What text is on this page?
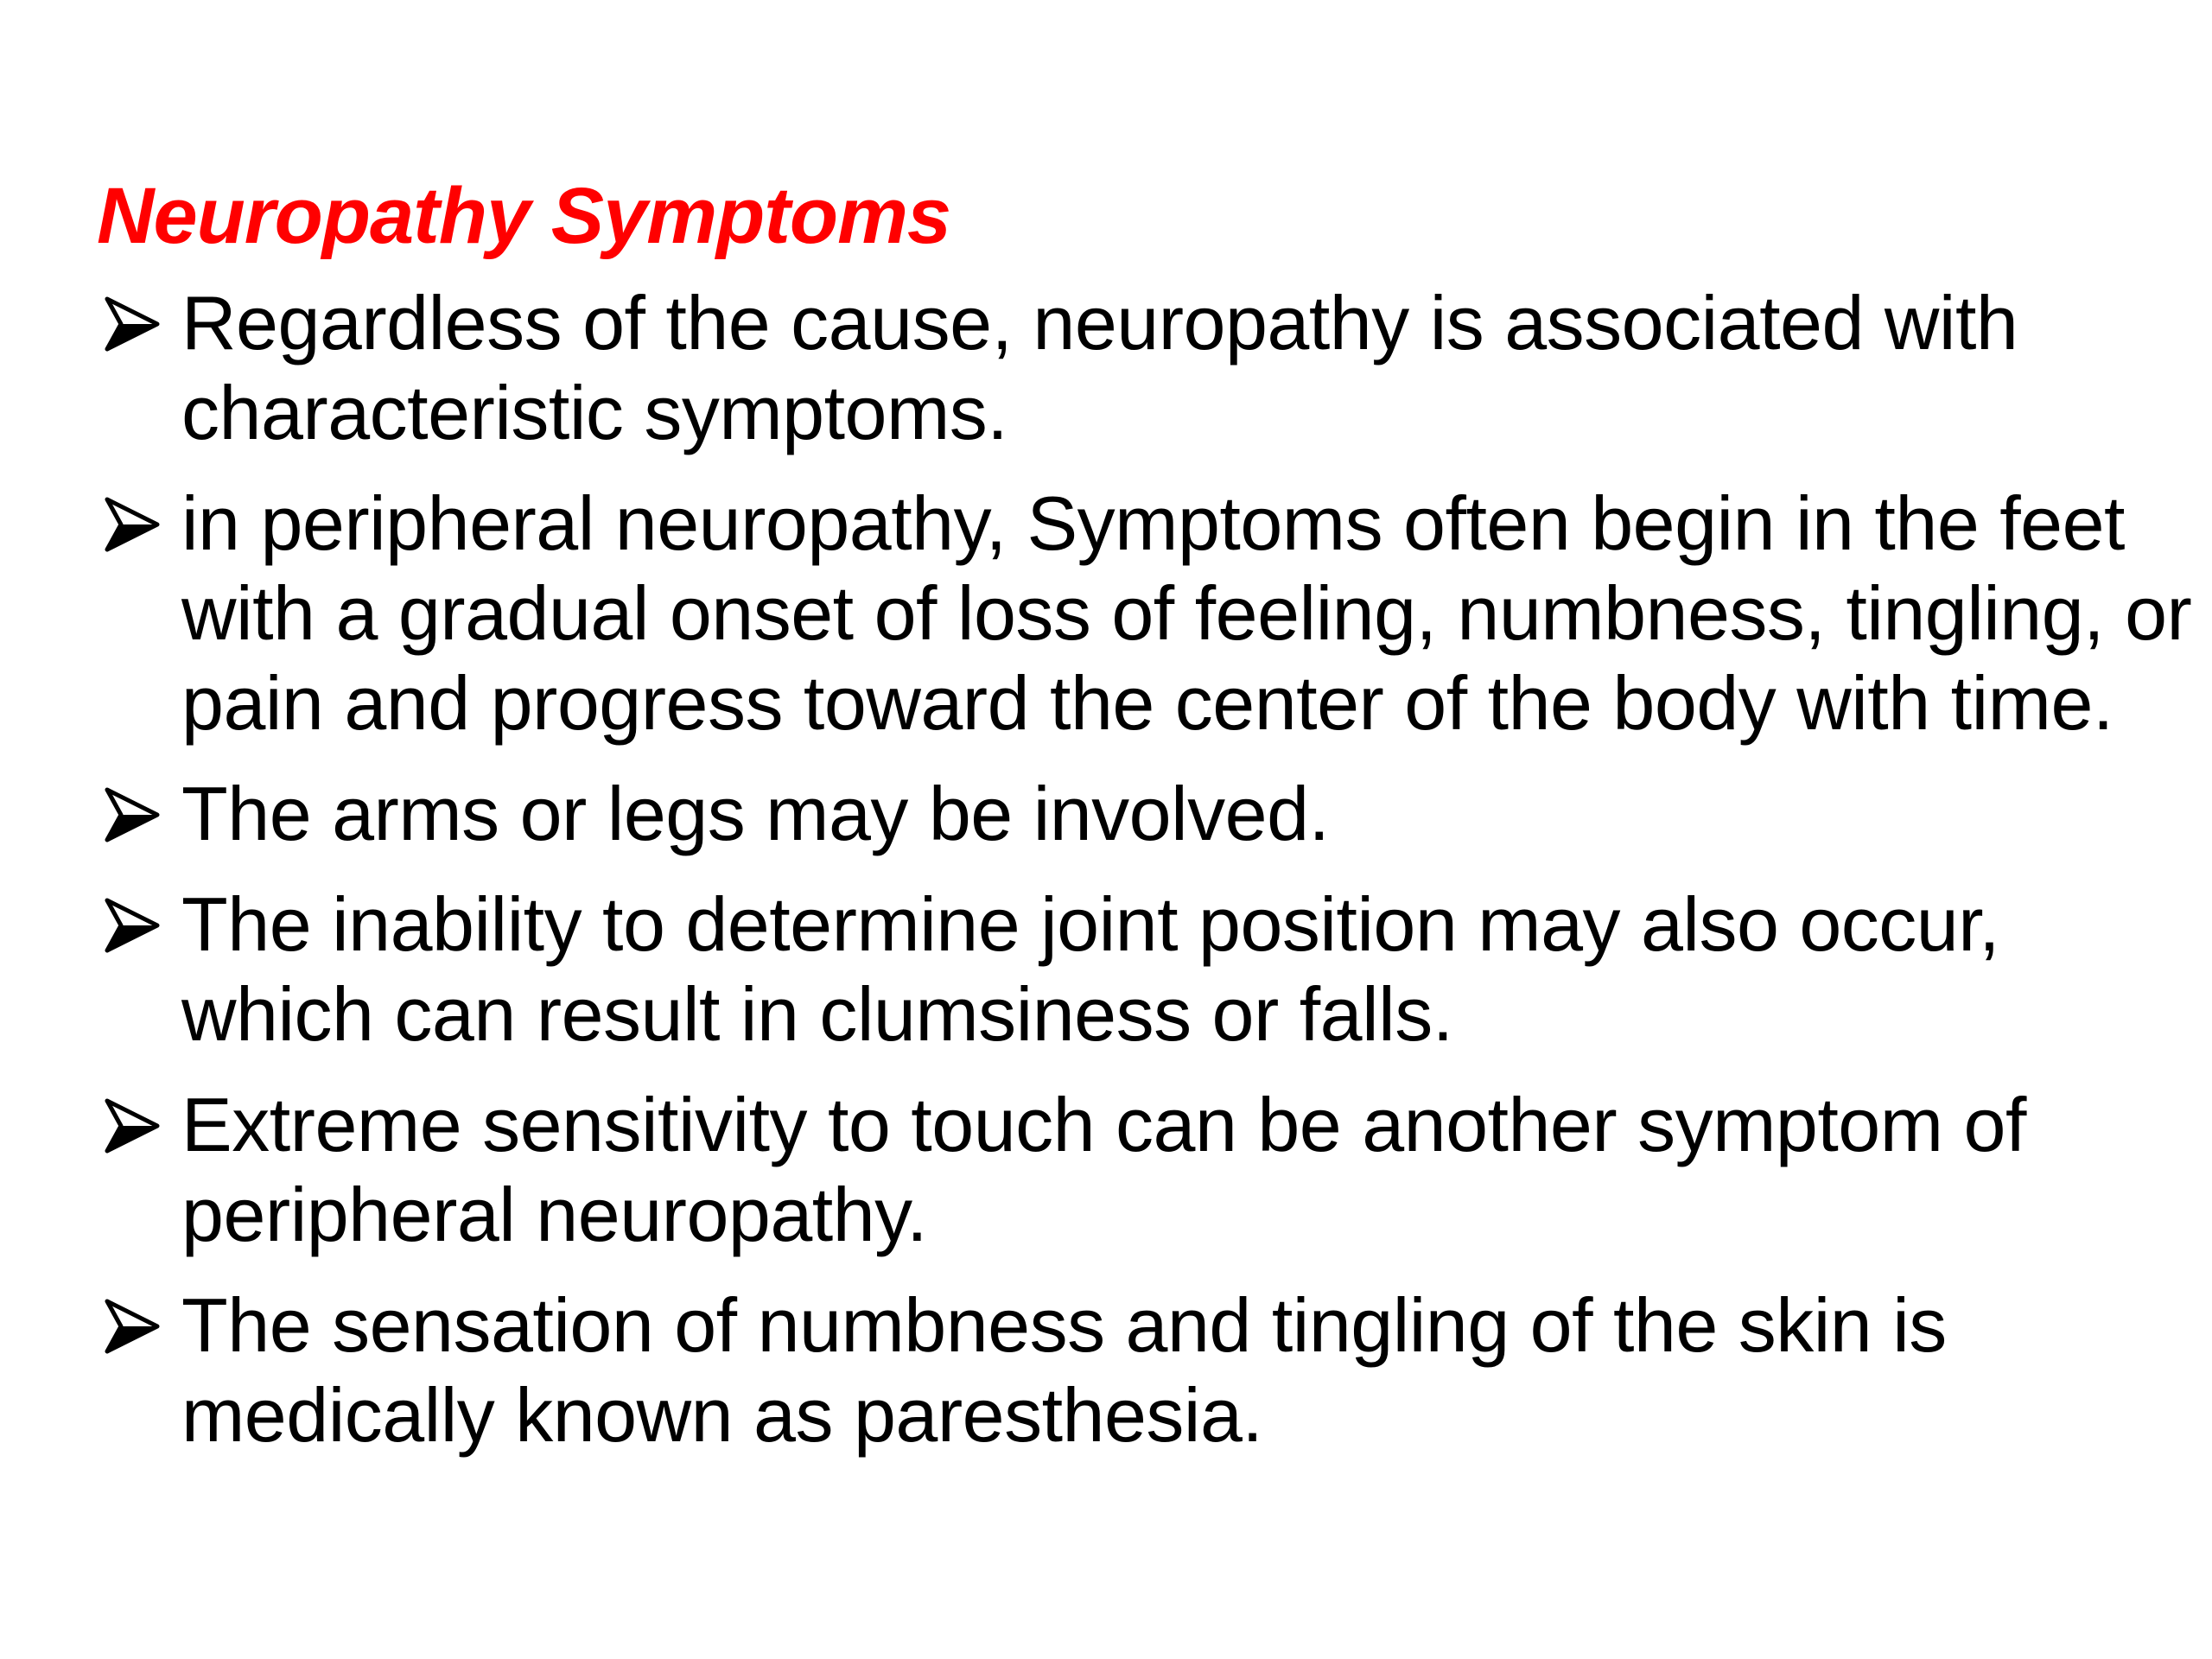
Neuropathy Symptoms
Regardless of the cause, neuropathy is associated with characteristic symptoms.
in peripheral neuropathy, Symptoms often begin in the feet with a gradual onset of loss of feeling, numbness, tingling, or pain and progress toward the center of the body with time.
The arms or legs may be involved.
The inability to determine joint position may also occur, which can result in clumsiness or falls.
Extreme sensitivity to touch can be another symptom of peripheral neuropathy.
The sensation of numbness and tingling of the skin is medically known as paresthesia.
